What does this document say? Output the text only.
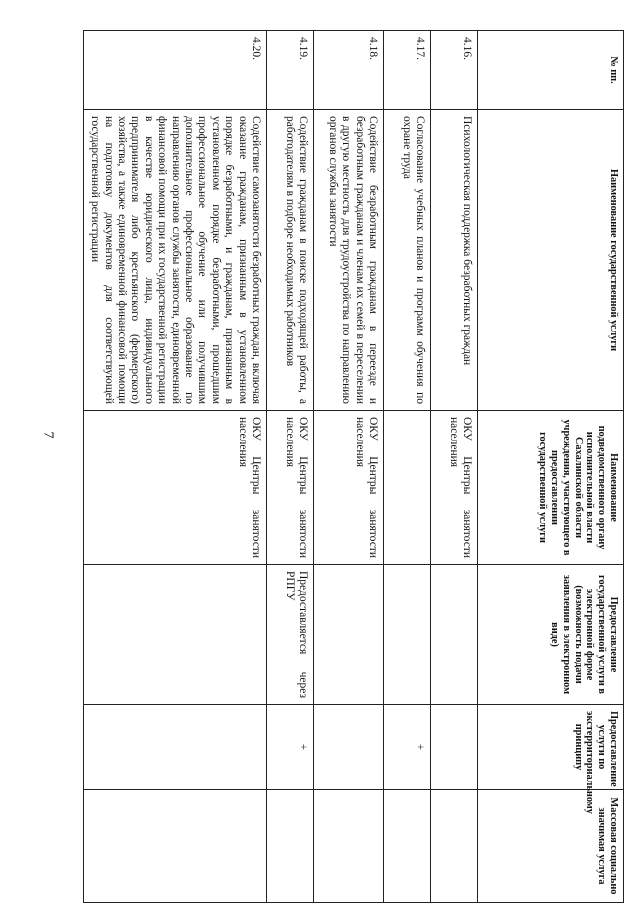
7
№ пп.	Наименование государственной услуги	Наименование подведомственного органу исполнительной власти Сахалинской области учреждения, участвующего в предоставлении государственной услуги	Предоставление государственной услуги в электронной форме (возможность подачи заявления в электронном виде)	Предоставление услуги по экстерриториальному принципу	Массовая социально значимая услуга
4.16.	Психологическая поддержка безработных граждан	ОКУ Центры занятости населения			
4.17.	Согласование учебных планов и программ обучения по охране труда			+	
4.18.	Содействие безработным гражданам в переезде и безработным гражданам и членам их семей в переселении в другую местность для трудоустройства по направлению органов службы занятости	ОКУ Центры занятости населения			
4.19.	Содействие гражданам в поиске подходящей работы, а работодателям в подборе необходимых работников	ОКУ Центры занятости населения	Предоставляется через РПГУ	+	
4.20.	Содействие самозанятости безработных граждан, включая оказание гражданам, признанным в установленном порядке безработными, и гражданам, признанным в установленном порядке безработными, прошедшим профессиональное обучение или получившим дополнительное профессиональное образование по направлению органов службы занятости, единовременной финансовой помощи при их государственной регистрации в качестве юридического лица, индивидуального предпринимателя либо крестьянского (фермерского) хозяйства, а также единовременной финансовой помощи на подготовку документов для соответствующей государственной регистрации	ОКУ Центры занятости населения			
